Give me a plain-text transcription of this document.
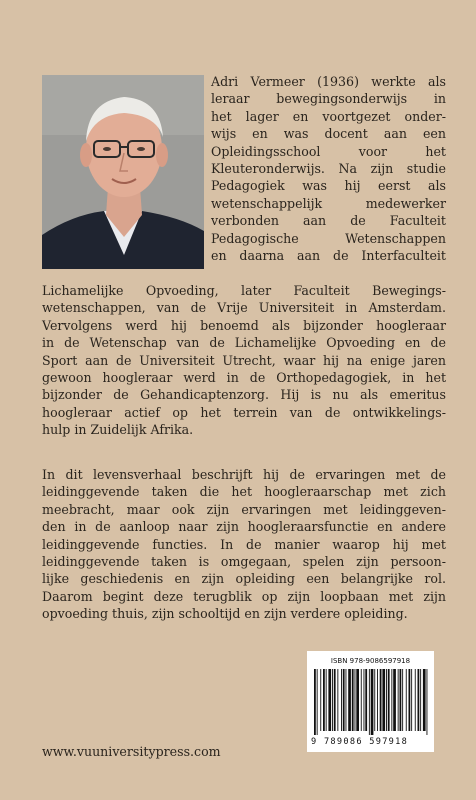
Adri Vermeer (1936) werkte als
leraar bewegingsonderwijs in
het lager en voortgezet onder-
wijs en was docent aan een
Opleidingsschool voor het
Kleuteronderwijs. Na zijn studie
Pedagogiek was hij eerst als
wetenschappelijk medewerker
verbonden aan de Faculteit
Pedagogische Wetenschappen
en daarna aan de Interfaculteit

Lichamelijke Opvoeding, later Faculteit Bewegings-
wetenschappen, van de Vrije Universiteit in Amsterdam.
Vervolgens werd hij benoemd als bijzonder hoogleraar
in de Wetenschap van de Lichamelijke Opvoeding en de
Sport aan de Universiteit Utrecht, waar hij na enige jaren
gewoon hoogleraar werd in de Orthopedagogiek, in het
bijzonder de Gehandicaptenzorg. Hij is nu als emeritus
hoogleraar actief op het terrein van de ontwikkelings-
hulp in Zuidelijk Afrika.

In dit levensverhaal beschrijft hij de ervaringen met de
leidinggevende taken die het hoogleraarschap met zich
meebracht, maar ook zijn ervaringen met leidinggeven-
den in de aanloop naar zijn hoogleraarsfunctie en andere
leidinggevende functies. In de manier waarop hij met
leidinggevende taken is omgegaan, spelen zijn persoon-
lijke geschiedenis en zijn opleiding een belangrijke rol.
Daarom begint deze terugblik op zijn loopbaan met zijn
opvoeding thuis, zijn schooltijd en zijn verdere opleiding.

ISBN 978-9086597918
9 789086 597918
www.vuuniversitypress.com
